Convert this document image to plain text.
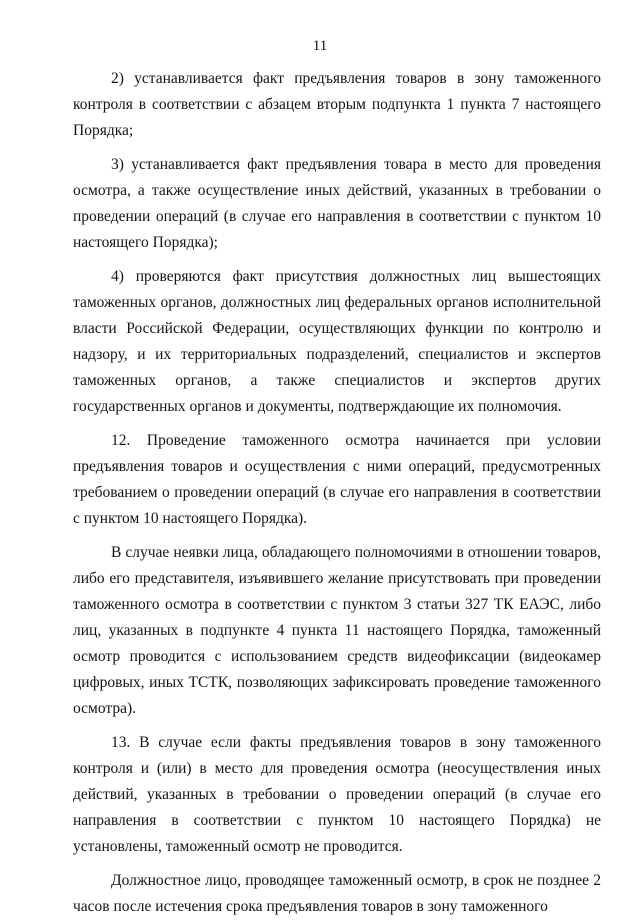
11

2) устанавливается факт предъявления товаров в зону таможенного контроля в соответствии с абзацем вторым подпункта 1 пункта 7 настоящего Порядка;

3) устанавливается факт предъявления товара в место для проведения осмотра, а также осуществление иных действий, указанных в требовании о проведении операций (в случае его направления в соответствии с пунктом 10 настоящего Порядка);

4) проверяются факт присутствия должностных лиц вышестоящих таможенных органов, должностных лиц федеральных органов исполнительной власти Российской Федерации, осуществляющих функции по контролю и надзору, и их территориальных подразделений, специалистов и экспертов таможенных органов, а также специалистов и экспертов других государственных органов и документы, подтверждающие их полномочия.

12. Проведение таможенного осмотра начинается при условии предъявления товаров и осуществления с ними операций, предусмотренных требованием о проведении операций (в случае его направления в соответствии с пунктом 10 настоящего Порядка).

В случае неявки лица, обладающего полномочиями в отношении товаров, либо его представителя, изъявившего желание присутствовать при проведении таможенного осмотра в соответствии с пунктом 3 статьи 327 ТК ЕАЭС, либо лиц, указанных в подпункте 4 пункта 11 настоящего Порядка, таможенный осмотр проводится с использованием средств видеофиксации (видеокамер цифровых, иных ТСТК, позволяющих зафиксировать проведение таможенного осмотра).

13. В случае если факты предъявления товаров в зону таможенного контроля и (или) в место для проведения осмотра (неосуществления иных действий, указанных в требовании о проведении операций (в случае его направления в соответствии с пунктом 10 настоящего Порядка) не установлены, таможенный осмотр не проводится.

Должностное лицо, проводящее таможенный осмотр, в срок не позднее 2 часов после истечения срока предъявления товаров в зону таможенного
